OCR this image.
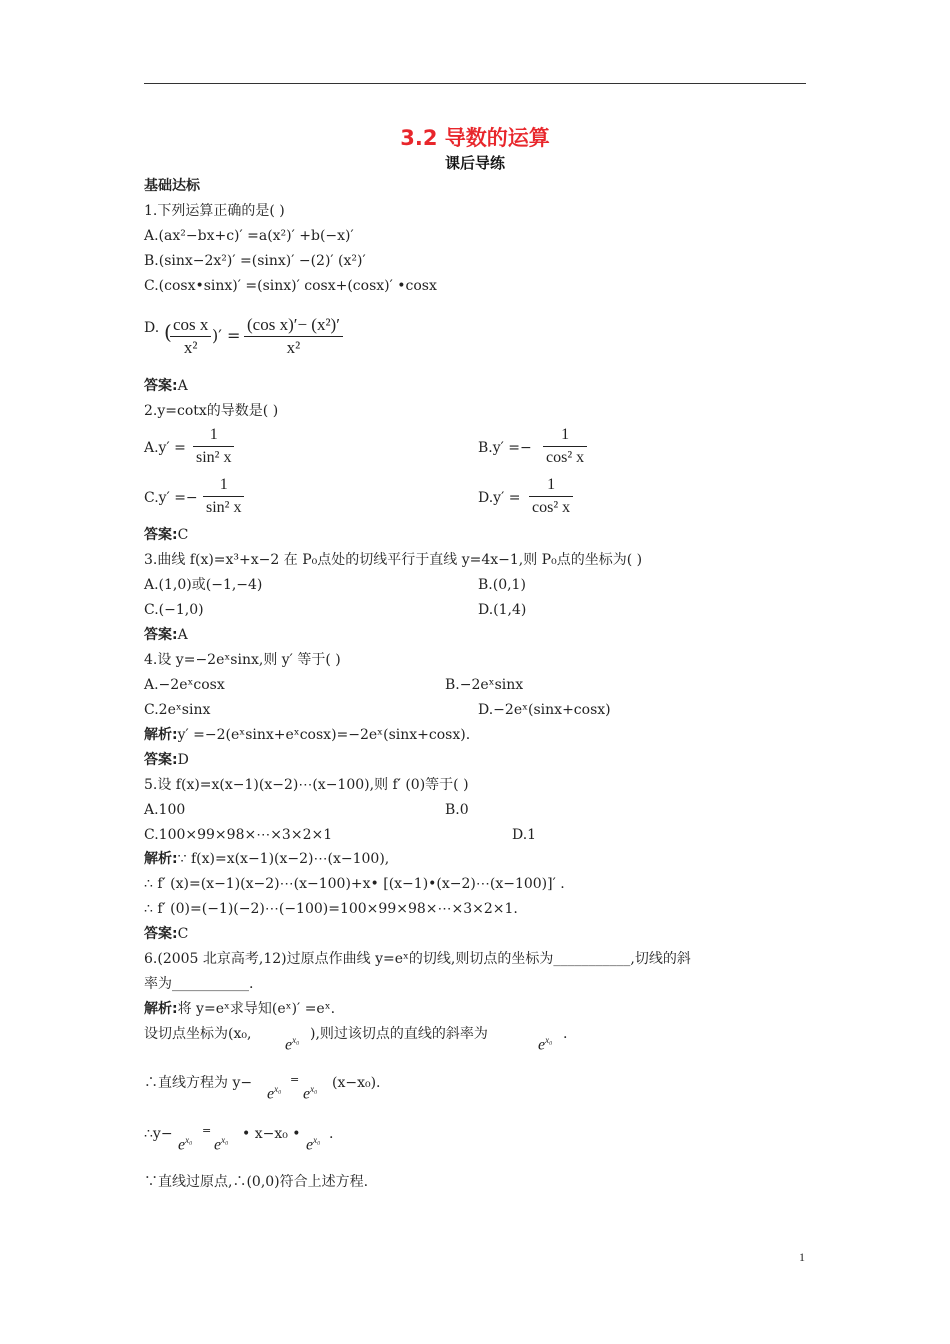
3.2 导数的运算
课后导练
基础达标
1.下列运算正确的是( )
A.(ax²−bx+c)′ =a(x²)′ +b(−x)′
B.(sinx−2x²)′ =(sinx)′ −(2)′ (x²)′
C.(cosx•sinx)′ =(sinx)′ cosx+(cosx)′ •cosx
D. (
$\frac{\text{cos x}}{\text{x²}}$ )′ = $\frac{\text{(cos x)′− (x²)′}}{\text{x²}}$
答案:A
2.y=cotx的导数是( )
$A.y' = \frac{1}{\text{sin² x}}$	$B.y' =- \frac{1}{\text{cos² x}}$
$C.y' =- \frac{1}{\text{sin² x}}$	$D.y' = \frac{1}{\text{cos² x}}$
答案:C
3.曲线 f(x)=x³+x−2 在 P₀点处的切线平行于直线 y=4x−1,则 P₀点的坐标为( )
A.(1,0)或(−1,−4)	B.(0,1)
C.(−1,0)	D.(1,4)
答案:A
4.设 y=−2eˣsinx,则 y′ 等于( )
A.−2eˣcosx	B.−2eˣsinx
C.2eˣsinx	D.−2eˣ(sinx+cosx)
解析:y′ =−2(eˣsinx+eˣcosx)=−2eˣ(sinx+cosx).
答案:D
5.设 f(x)=x(x−1)(x−2)⋯(x−100),则 f′ (0)等于( )
A.100	B.0
C.100×99×98×⋯×3×2×1	D.1
解析:∵ f(x)=x(x−1)(x−2)⋯(x−100),
∴ f′ (x)=(x−1)(x−2)⋯(x−100)+x• [(x−1)•(x−2)⋯(x−100)]′ .
∴ f′ (0)=(−1)(−2)⋯(−100)=100×99×98×⋯×3×2×1.
答案:C
6.(2005 北京高考,12)过原点作曲线 y=eˣ的切线,则切点的坐标为___________,切线的斜
率为___________.
解析:将 y=eˣ求导知(eˣ)′ =eˣ.
设切点坐标为(x₀,
$e^{x_0}$ ),则过该切点的直线的斜率为
$e^{x_0}$ .
∴直线方程为 y−
$e^{x_0}$
=
$e^{x_0}$ (x−x₀).
∴y−
$e^{x_0}$
=
$e^{x_0}$ • x−x₀ •
$e^{x_0}$ .
∵直线过原点,∴(0,0)符合上述方程.
1
